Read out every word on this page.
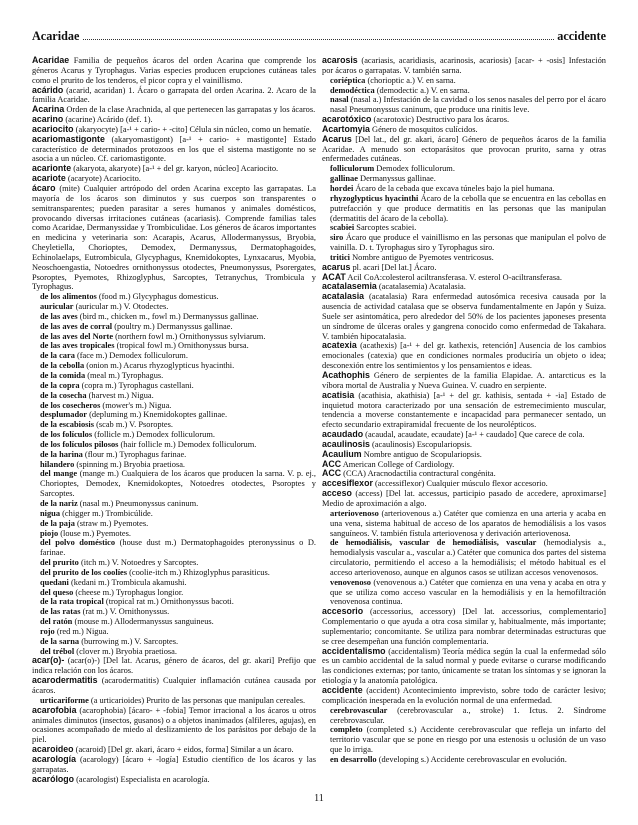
Acaridae	accidente

Acaridae Familia de pequeños ácaros del orden Acarina que comprende los géneros Acarus y Tyrophagus. Varias especies producen erupciones cutáneas tales como el prurito de los tenderos, el picor copra y el vainillismo.

acárido (acarid, acaridan) 1. Ácaro o garrapata del orden Acarina. 2. Acaro de la familia Acaridae.

Acarina Orden de la clase Arachnida, al que pertenecen las garrapatas y los ácaros.

acarino (acarine) Acárido (def. 1).

acariocito (akaryocyte) [a-¹ + cario- + -cito] Célula sin núcleo, como un hematíe.

acariomastigonte (akaryomastigont) [a-¹ + cario- + mastigonte] Estado característico de determinados protozoos en los que el sistema mastigonte no se asocia a un núcleo. Cf. cariomastigonte.

acarionte (akaryota, akaryote) [a-¹ + del gr. karyon, núcleo] Acariocito.

acariote (acaryote) Acariocito.

ácaro (mite) Cualquier artrópodo del orden Acarina excepto las garrapatas. La mayoría de los ácaros son diminutos y sus cuerpos son transparentes o semitransparentes; pueden parasitar a seres humanos y animales domésticos, provocando diversas irritaciones cutáneas (acariasis). Comprende familias tales como Acaridae, Dermanyssidae y Trombiculidae. Los géneros de ácaros importantes en medicina y veterinaria son: Acarapis, Acarus, Allodermanyssus, Bryobia, Cheyletiella, Chorioptes, Demodex, Dermanyssus, Dermatophagoides, Echinolaelaps, Eutrombicula, Glycyphagus, Knemidokoptes, Lynxacarus, Myobia, Neoschoengastia, Notoedres ornithonyssus otodectes, Pneumonyssus, Psorergates, Psoroptes, Pyemotes, Rhizoglyphus, Sarcoptes, Tetranychus, Trombicula y Tyrophagus.

de los alimentos (food m.) Glycyphagus domesticus.

auricular (auricular m.) V. Otodectes.

de las aves (bird m., chicken m., fowl m.) Dermanyssus gallinae.

de las aves de corral (poultry m.) Dermanyssus gallinae.

de las aves del Norte (northern fowl m.) Ornithonyssus sylviarum.

de las aves tropicales (tropical fowl m.) Ornithonyssus bursa.

de la cara (face m.) Demodex folliculorum.

de la cebolla (onion m.) Acarus rhyzoglypticus hyacinthi.

de la comida (meal m.) Tyrophagus.

de la copra (copra m.) Tyrophagus castellani.

de la cosecha (harvest m.) Nigua.

de los cosecheros (mower's m.) Nigua.

desplumador (depluming m.) Knemidokoptes gallinae.

de la escabiosis (scab m.) V. Psoroptes.

de los folículos (follicle m.) Demodex folliculorum.

de los folículos pilosos (hair follicle m.) Demodex folliculorum.

de la harina (flour m.) Tyrophagus farinae.

hilandero (spinning m.) Bryobia praetiosa.

del mange (mange m.) Cualquiera de los ácaros que producen la sarna. V. p. ej., Chorioptes, Demodex, Knemidokoptes, Notoedres otodectes, Psoroptes y Sarcoptes.

de la nariz (nasal m.) Pneumonyssus caninum.

nigua (chigger m.) Trombicúlide.

de la paja (straw m.) Pyemotes.

piojo (louse m.) Pyemotes.

del polvo doméstico (house dust m.) Dermatophagoides pteronyssinus o D. farinae.

del prurito (itch m.) V. Notoedres y Sarcoptes.

del prurito de los coolíes (coolie-itch m.) Rhizoglyphus parasiticus.

quedani (kedani m.) Trombicula akamushi.

del queso (cheese m.) Tyrophagus longior.

de la rata tropical (tropical rat m.) Ornithonyssus bacoti.

de las ratas (rat m.) V. Ornithonyssus.

del ratón (mouse m.) Allodermanyssus sanguineus.

rojo (red m.) Nigua.

de la sarna (burrowing m.) V. Sarcoptes.

del trébol (clover m.) Bryobia praetiosa.

acar(o)- (acar(o)-) [Del lat. Acarus, género de ácaros, del gr. akari] Prefijo que indica relación con los ácaros.

acarodermatitis (acarodermatitis) Cualquier inflamación cutánea causada por ácaros.

urticariforme (a urticarioides) Prurito de las personas que manipulan cereales.

acarofobia (acarophobia) [ácaro- + -fobia] Temor irracional a los ácaros u otros animales diminutos (insectos, gusanos) o a objetos inanimados (alfileres, agujas), en ocasiones acompañado de miedo al deslizamiento de los parásitos por debajo de la piel.

acaroideo (acaroid) [Del gr. akari, ácaro + eidos, forma] Similar a un ácaro.

acarología (acarology) [ácaro + -logía] Estudio científico de los ácaros y las garrapatas.

acarólogo (acarologist) Especialista en acarología.

acarosis (acariasis, acaridiasis, acarinosis, acariosis) [acar- + -osis] Infestación por ácaros o garrapatas. V. también sarna.

coriéptica (chorioptic a.) V. en sarna.

demodéctica (demodectic a.) V. en sarna.

nasal (nasal a.) Infestación de la cavidad o los senos nasales del perro por el ácaro nasal Pneumonyssus caninum, que produce una rinitis leve.

acarotóxico (acarotoxic) Destructivo para los ácaros.

Acartomyia Género de mosquitos culícidos.

Acarus [Del lat., del gr. akari, ácaro] Género de pequeños ácaros de la familia Acaridae. A menudo son ectoparásitos que provocan prurito, sarna y otras enfermedades cutáneas.

folliculorum Demodex folliculorum.

gallinae Dermanyssus gallinae.

hordei Ácaro de la cebada que excava túneles bajo la piel humana.

rhyzoglypticus hyacinthi Ácaro de la cebolla que se encuentra en las cebollas en putrefacción y que produce dermatitis en las personas que las manipulan (dermatitis del ácaro de la cebolla).

scabiei Sarcoptes scabiei.

siro Ácaro que produce el vainillismo en las personas que manipulan el polvo de vainilla. D. t. Tyrophagus siro y Tyrophagus siro.

tritici Nombre antiguo de Pyemotes ventricosus.

acarus pl. acari [Del lat.] Ácaro.

ACAT Acil CoA:colesterol aciltransferasa. V. esterol O-aciltransferasa.

acatalasemia (acatalasemia) Acatalasia.

acatalasia (acatalasia) Rara enfermedad autosómica recesiva causada por la ausencia de actividad catalasa que se observa fundamentalmente en Japón y Suiza. Suele ser asintomática, pero alrededor del 50% de los pacientes japoneses presenta un síndrome de úlceras orales y gangrena conocido como enfermedad de Takahara. V. también hipocatalasia.

acatexia (acathexis) [a-¹ + del gr. kathexis, retención] Ausencia de los cambios emocionales (catexia) que en condiciones normales produciría un objeto o idea; desconexión entre los sentimientos y los pensamientos e ideas.

Acathophis Género de serpientes de la familia Elapidae. A. antarcticus es la víbora mortal de Australia y Nueva Guinea. V. cuadro en serpiente.

acatisia (acathisia, akathisia) [a-¹ + del gr. kathisis, sentada + -ia] Estado de inquietud motora caracterizado por una sensación de estremecimiento muscular, tendencia a moverse constantemente e incapacidad para permanecer sentado, un efecto secundario extrapiramidal frecuente de los neurolépticos.

acaudado (acaudal, acaudate, ecaudate) [a-¹ + caudado] Que carece de cola.

acaulinosis (acaulinosis) Escopulariopsis.

Acaulium Nombre antiguo de Scopulariopsis.

ACC American College of Cardiology.

ACC (CCA) Aracnodactilia contractural congénita.

accesiflexor (accessiflexor) Cualquier músculo flexor accesorio.

acceso (access) [Del lat. accessus, participio pasado de accedere, aproximarse] Medio de aproximación a algo.

arteriovenoso (arteriovenous a.) Catéter que comienza en una arteria y acaba en una vena, sistema habitual de acceso de los aparatos de hemodiálisis a los vasos sanguíneos. V. también fístula arteriovenosa y derivación arteriovenosa.

de hemodiálisis, vascular de hemodiálisis, vascular (hemodialysis a., hemodialysis vascular a., vascular a.) Catéter que comunica dos partes del sistema circulatorio, permitiendo el acceso a la hemodiálisis; el método habitual es el acceso arteriovenoso, aunque en algunos casos se utilizan accesos venovenosos.

venovenoso (venovenous a.) Catéter que comienza en una vena y acaba en otra y que se utiliza como acceso vascular en la hemodiálisis y en la hemofiltración venovenosa continua.

accesorio (accessorius, accessory) [Del lat. accessorius, complementario] Complementario o que ayuda a otra cosa similar y, habitualmente, más importante; suplementario; concomitante. Se utiliza para nombrar determinadas estructuras que se cree desempeñan una función complementaria.

accidentalismo (accidentalism) Teoría médica según la cual la enfermedad sólo es un cambio accidental de la salud normal y puede evitarse o curarse modificando las condiciones externas; por tanto, únicamente se tratan los síntomas y se ignoran la etiología y la anatomía patológica.

accidente (accident) Acontecimiento imprevisto, sobre todo de carácter lesivo; complicación inesperada en la evolución normal de una enfermedad.

cerebrovascular (cerebrovascular a., stroke) 1. Ictus. 2. Síndrome cerebrovascular.

completo (completed s.) Accidente cerebrovascular que refleja un infarto del territorio vascular que se pone en riesgo por una estenosis u oclusión de un vaso que lo irriga.

en desarrollo (developing s.) Accidente cerebrovascular en evolución.

11
